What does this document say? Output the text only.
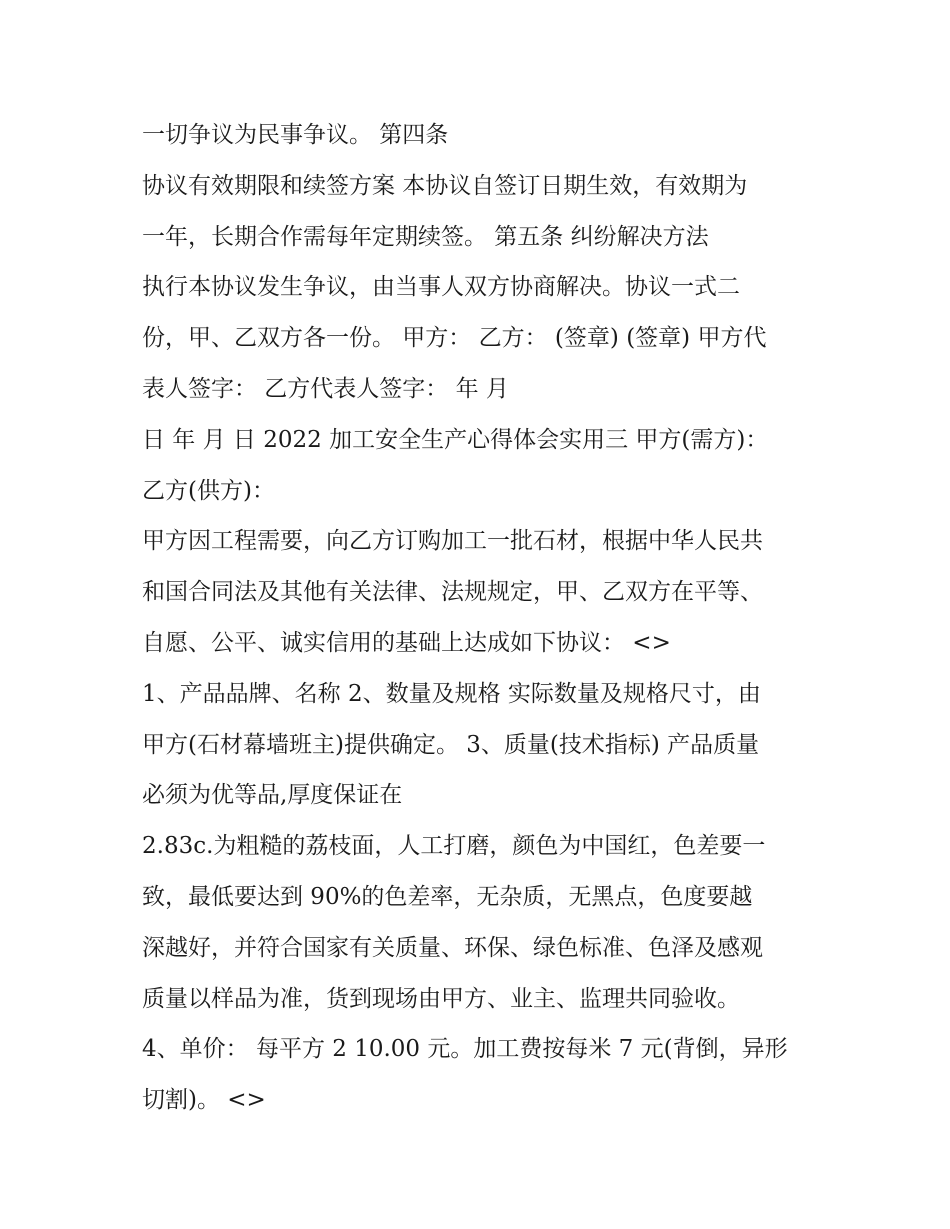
一切争议为民事争议。 第四条
协议有效期限和续签方案 本协议自签订日期生效，有效期为
一年，长期合作需每年定期续签。 第五条 纠纷解决方法
执行本协议发生争议，由当事人双方协商解决。协议一式二
份，甲、乙双方各一份。 甲方： 乙方： (签章) (签章) 甲方代
表人签字： 乙方代表人签字： 年 月
日 年 月 日 2022 加工安全生产心得体会实用三 甲方(需方)：
乙方(供方)：
甲方因工程需要，向乙方订购加工一批石材，根据中华人民共
和国合同法及其他有关法律、法规规定，甲、乙双方在平等、
自愿、公平、诚实信用的基础上达成如下协议： <>
1、产品品牌、名称 2、数量及规格 实际数量及规格尺寸，由
甲方(石材幕墙班主)提供确定。 3、质量(技术指标) 产品质量
必须为优等品,厚度保证在
2.83c.为粗糙的荔枝面，人工打磨，颜色为中国红，色差要一
致，最低要达到 90%的色差率，无杂质，无黑点，色度要越
深越好，并符合国家有关质量、环保、绿色标准、色泽及感观
质量以样品为准，货到现场由甲方、业主、监理共同验收。
4、单价： 每平方 2 10.00 元。加工费按每米 7 元(背倒，异形
切割)。 <>
